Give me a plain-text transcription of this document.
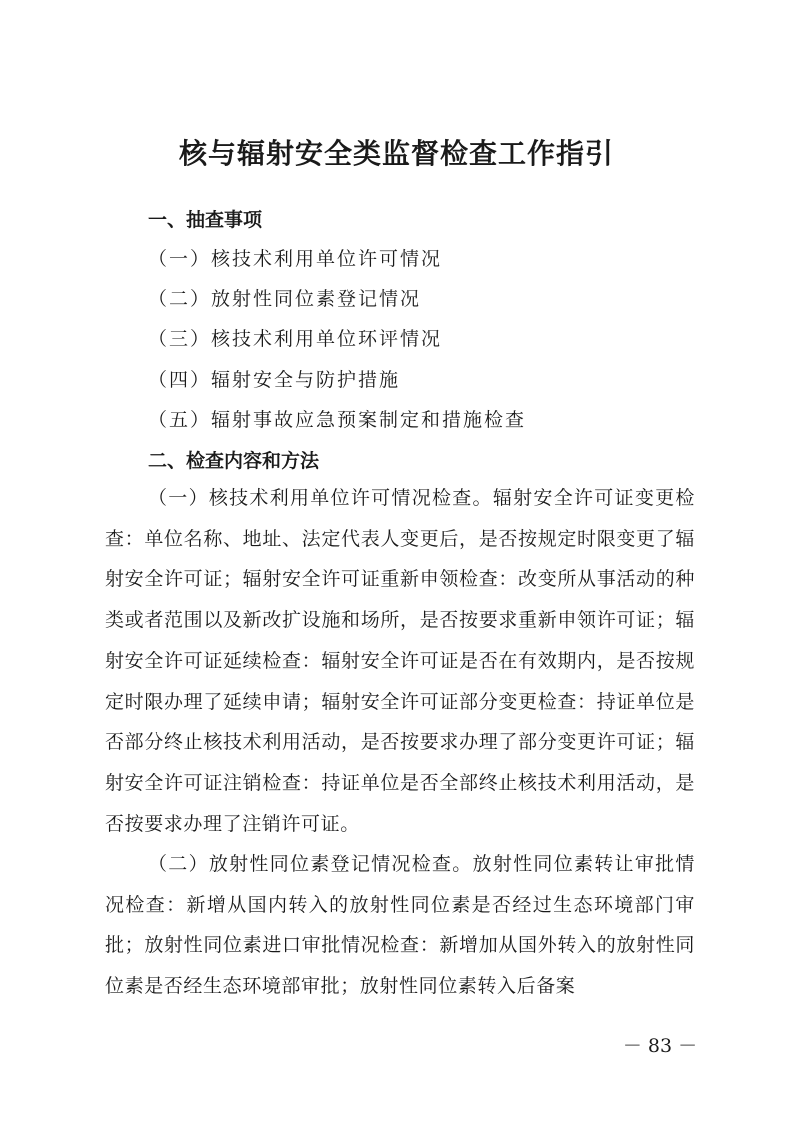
核与辐射安全类监督检查工作指引
一、抽查事项

（一）核技术利用单位许可情况

（二）放射性同位素登记情况

（三）核技术利用单位环评情况

（四）辐射安全与防护措施

（五）辐射事故应急预案制定和措施检查

二、检查内容和方法

（一）核技术利用单位许可情况检查。辐射安全许可证变更检查：单位名称、地址、法定代表人变更后，是否按规定时限变更了辐射安全许可证；辐射安全许可证重新申领检查：改变所从事活动的种类或者范围以及新改扩设施和场所，是否按要求重新申领许可证；辐射安全许可证延续检查：辐射安全许可证是否在有效期内，是否按规定时限办理了延续申请；辐射安全许可证部分变更检查：持证单位是否部分终止核技术利用活动，是否按要求办理了部分变更许可证；辐射安全许可证注销检查：持证单位是否全部终止核技术利用活动，是否按要求办理了注销许可证。

（二）放射性同位素登记情况检查。放射性同位素转让审批情况检查：新增从国内转入的放射性同位素是否经过生态环境部门审批；放射性同位素进口审批情况检查：新增加从国外转入的放射性同位素是否经生态环境部审批；放射性同位素转入后备案

－ 83 －
